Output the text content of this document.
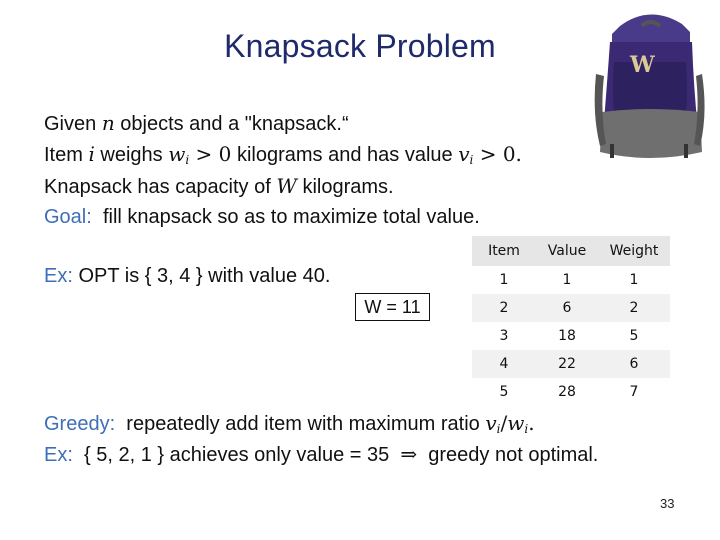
Knapsack Problem
W
Given n objects and a "knapsack.“
Item i weighs $w_i > 0$ kilograms and has value $v_i > 0$.
Knapsack has capacity of W kilograms.
Goal: fill knapsack so as to maximize total value.
Ex: OPT is { 3, 4 } with value 40.
W = 11
Item	Value	Weight
1	1	1
2	6	2
3	18	5
4	22	6
5	28	7
Greedy: repeatedly add item with maximum ratio $v_i/w_i$.
Ex: { 5, 2, 1 } achieves only value = 35 ⇒ greedy not optimal.
33
